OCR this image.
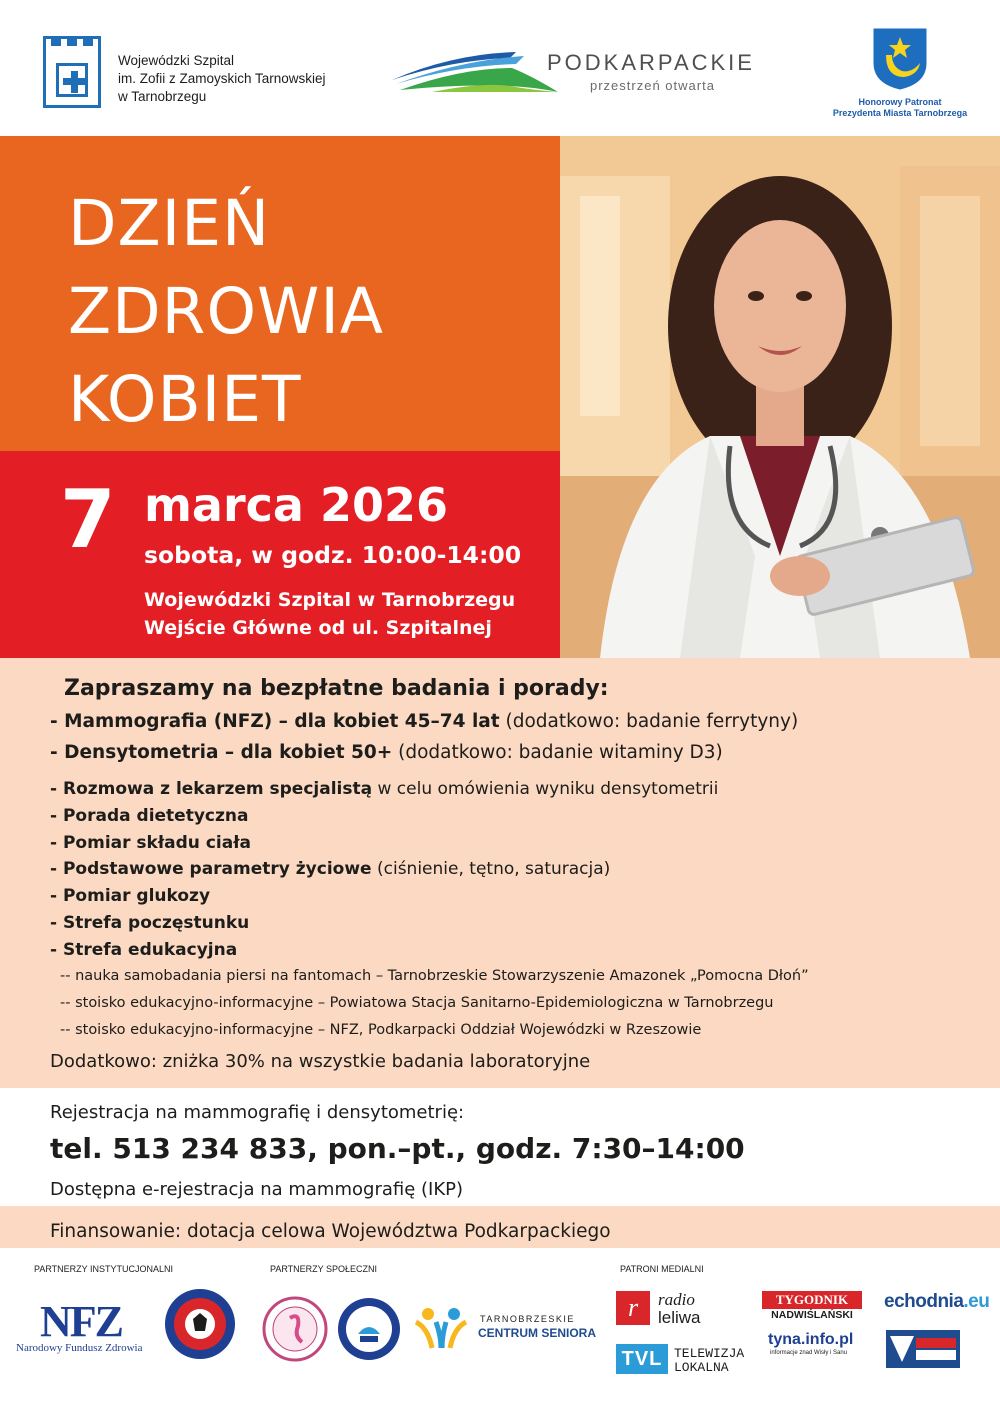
Wojewódzki Szpital
im. Zofii z Zamoyskich Tarnowskiej
w Tarnobrzegu
PODKARPACKIE
przestrzeń otwarta
Honorowy Patronat
Prezydenta Miasta Tarnobrzega
DZIEŃ
ZDROWIA
KOBIET
7 marca 2026
sobota, w godz. 10:00-14:00
Wojewódzki Szpital w Tarnobrzegu
Wejście Główne od ul. Szpitalnej
Zapraszamy na bezpłatne badania i porady:
- Mammografia (NFZ) – dla kobiet 45–74 lat (dodatkowo: badanie ferrytyny)
- Densytometria – dla kobiet 50+ (dodatkowo: badanie witaminy D3)
- Rozmowa z lekarzem specjalistą w celu omówienia wyniku densytometrii
- Porada dietetyczna
- Pomiar składu ciała
- Podstawowe parametry życiowe (ciśnienie, tętno, saturacja)
- Pomiar glukozy
- Strefa poczęstunku
- Strefa edukacyjna
-- nauka samobadania piersi na fantomach – Tarnobrzeskie Stowarzyszenie Amazonek „Pomocna Dłoń”
-- stoisko edukacyjno-informacyjne – Powiatowa Stacja Sanitarno-Epidemiologiczna w Tarnobrzegu
-- stoisko edukacyjno-informacyjne – NFZ, Podkarpacki Oddział Wojewódzki w Rzeszowie
Dodatkowo: zniżka 30% na wszystkie badania laboratoryjne
Rejestracja na mammografię i densytometrię:
tel. 513 234 833, pon.–pt., godz. 7:30–14:00
Dostępna e-rejestracja na mammografię (IKP)
Finansowanie: dotacja celowa Województwa Podkarpackiego
PARTNERZY INSTYTUCJONALNI	PARTNERZY SPOŁECZNI	PATRONI MEDIALNI
NFZ
Narodowy Fundusz Zdrowia
TARNOBRZESKIE
CENTRUM SENIORA
r	radio
leliwa
TVL TELEWIZJA
LOKALNA
TYGODNIK
NADWIŚLAŃSKI
tyna.info.pl
informacje znad Wisły i Sanu
echodnia.eu
